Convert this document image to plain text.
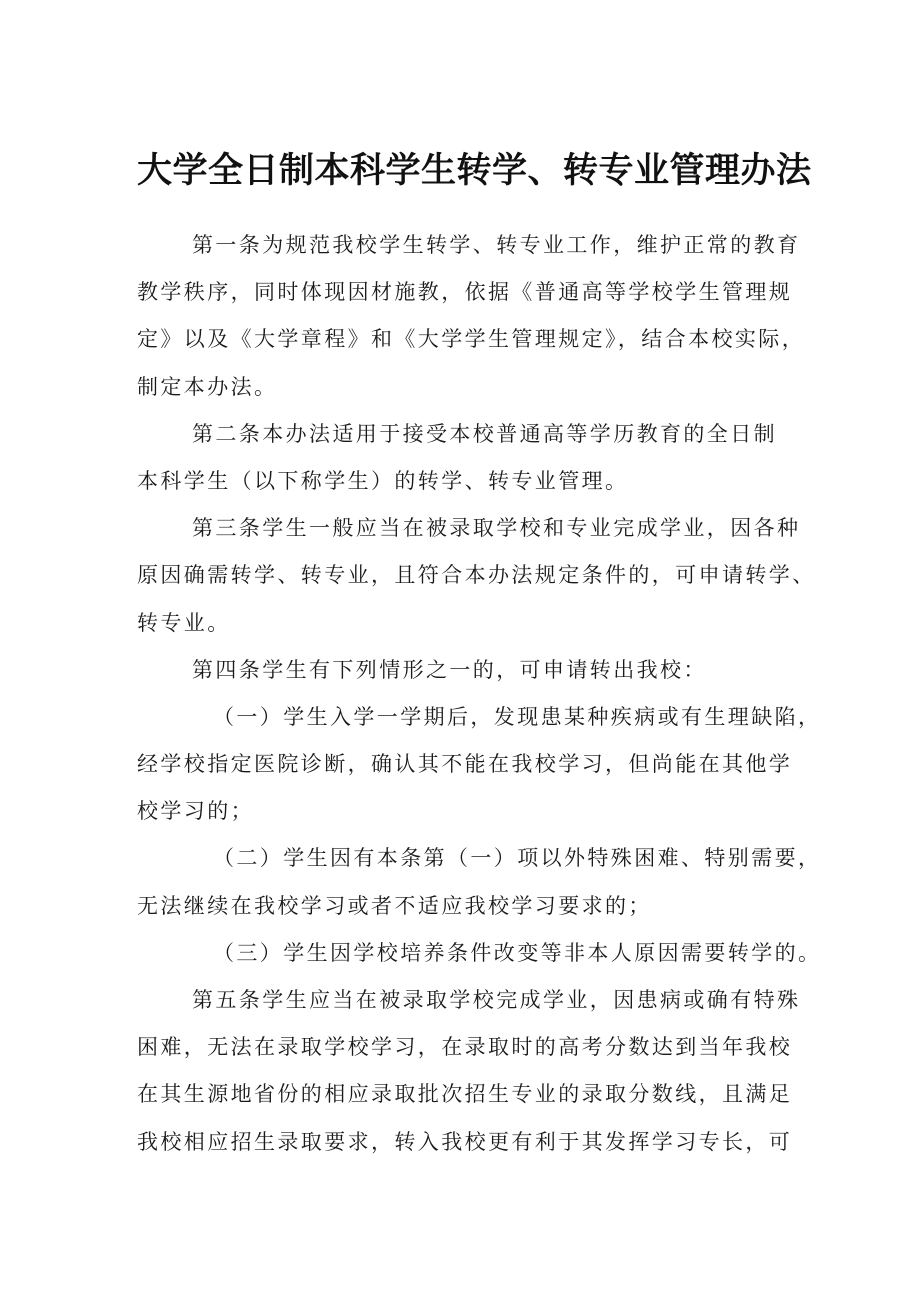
大学全日制本科学生转学、转专业管理办法
第一条为规范我校学生转学、转专业工作，维护正常的教育
教学秩序，同时体现因材施教，依据《普通高等学校学生管理规
定》以及《大学章程》和《大学学生管理规定》，结合本校实际，
制定本办法。
第二条本办法适用于接受本校普通高等学历教育的全日制
本科学生（以下称学生）的转学、转专业管理。
第三条学生一般应当在被录取学校和专业完成学业，因各种
原因确需转学、转专业，且符合本办法规定条件的，可申请转学、
转专业。
第四条学生有下列情形之一的，可申请转出我校：
（一）学生入学一学期后，发现患某种疾病或有生理缺陷，
经学校指定医院诊断，确认其不能在我校学习，但尚能在其他学
校学习的；
（二）学生因有本条第（一）项以外特殊困难、特别需要，
无法继续在我校学习或者不适应我校学习要求的；
（三）学生因学校培养条件改变等非本人原因需要转学的。
第五条学生应当在被录取学校完成学业，因患病或确有特殊
困难，无法在录取学校学习，在录取时的高考分数达到当年我校
在其生源地省份的相应录取批次招生专业的录取分数线，且满足
我校相应招生录取要求，转入我校更有利于其发挥学习专长，可
